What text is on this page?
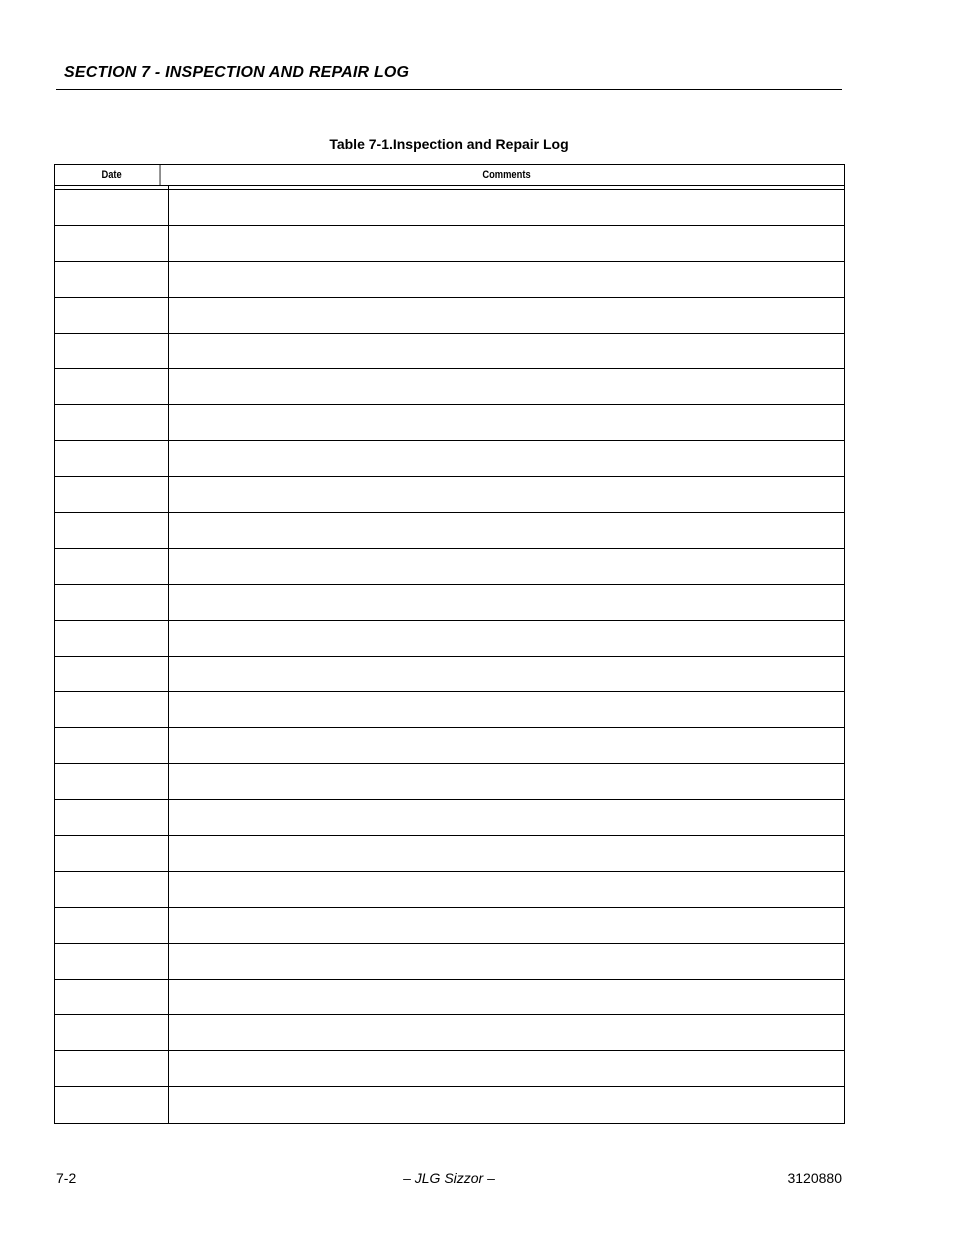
SECTION 7 - INSPECTION AND REPAIR LOG
Table 7-1.Inspection and Repair Log
Date	Comments
7-2	– JLG Sizzor –	3120880
